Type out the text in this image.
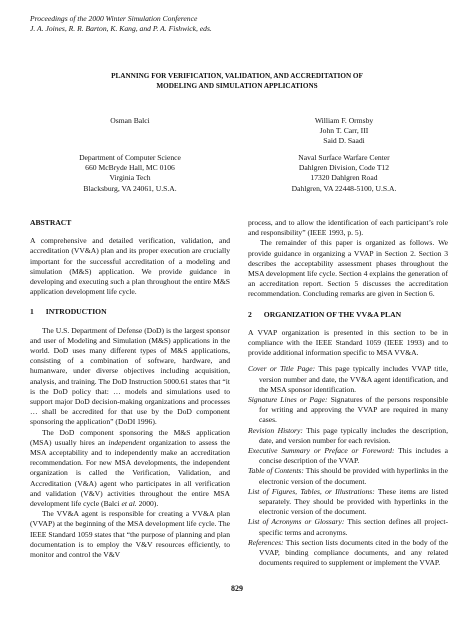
Proceedings of the 2000 Winter Simulation Conference
J. A. Joines, R. R. Barton, K. Kang, and P. A. Fishwick, eds.
PLANNING FOR VERIFICATION, VALIDATION, AND ACCREDITATION OF
MODELING AND SIMULATION APPLICATIONS
Osman Balci	William F. Ormsby
John T. Carr, III
Said D. Saadi
Department of Computer Science
660 McBryde Hall, MC 0106
Virginia Tech
Blacksburg, VA 24061, U.S.A.
Naval Surface Warfare Center
Dahlgren Division, Code T12
17320 Dahlgren Road
Dahlgren, VA 22448-5100, U.S.A.
ABSTRACT

A comprehensive and detailed verification, validation, and accreditation (VV&A) plan and its proper execution are crucially important for the successful accreditation of a modeling and simulation (M&S) application. We provide guidance in developing and executing such a plan throughout the entire M&S application development life cycle.

1 INTRODUCTION

The U.S. Department of Defense (DoD) is the largest sponsor and user of Modeling and Simulation (M&S) applications in the world. DoD uses many different types of M&S applications, consisting of a combination of software, hardware, and humanware, under diverse objectives including acquisition, analysis, and training. The DoD Instruction 5000.61 states that “it is the DoD policy that: … models and simulations used to support major DoD decision-making organizations and processes … shall be accredited for that use by the DoD component sponsoring the application” (DoDI 1996).

The DoD component sponsoring the M&S application (MSA) usually hires an independent organization to assess the MSA acceptability and to independently make an accreditation recommendation. For new MSA developments, the independent organization is called the Verification, Validation, and Accreditation (V&A) agent who participates in all verification and validation (V&V) activities throughout the entire MSA development life cycle (Balci et al. 2000).

The VV&A agent is responsible for creating a VV&A plan (VVAP) at the beginning of the MSA development life cycle. The IEEE Standard 1059 states that “the purpose of planning and plan documentation is to employ the V&V resources efficiently, to monitor and control the V&V

process, and to allow the identification of each participant’s role and responsibility” (IEEE 1993, p. 5).

The remainder of this paper is organized as follows. We provide guidance in organizing a VVAP in Section 2. Section 3 describes the acceptability assessment phases throughout the MSA development life cycle. Section 4 explains the generation of an accreditation report. Section 5 discusses the accreditation recommendation. Concluding remarks are given in Section 6.

2 ORGANIZATION OF THE VV&A PLAN

A VVAP organization is presented in this section to be in compliance with the IEEE Standard 1059 (IEEE 1993) and to provide additional information specific to MSA VV&A.

Cover or Title Page: This page typically includes VVAP title, version number and date, the VV&A agent identification, and the MSA sponsor identification.

Signature Lines or Page: Signatures of the persons responsible for writing and approving the VVAP are required in many cases.

Revision History: This page typically includes the description, date, and version number for each revision.

Executive Summary or Preface or Foreword: This includes a concise description of the VVAP.

Table of Contents: This should be provided with hyperlinks in the electronic version of the document.

List of Figures, Tables, or Illustrations: These items are listed separately. They should be provided with hyperlinks in the electronic version of the document.

List of Acronyms or Glossary: This section defines all project-specific terms and acronyms.

References: This section lists documents cited in the body of the VVAP, binding compliance documents, and any related documents required to supplement or implement the VVAP.

829
